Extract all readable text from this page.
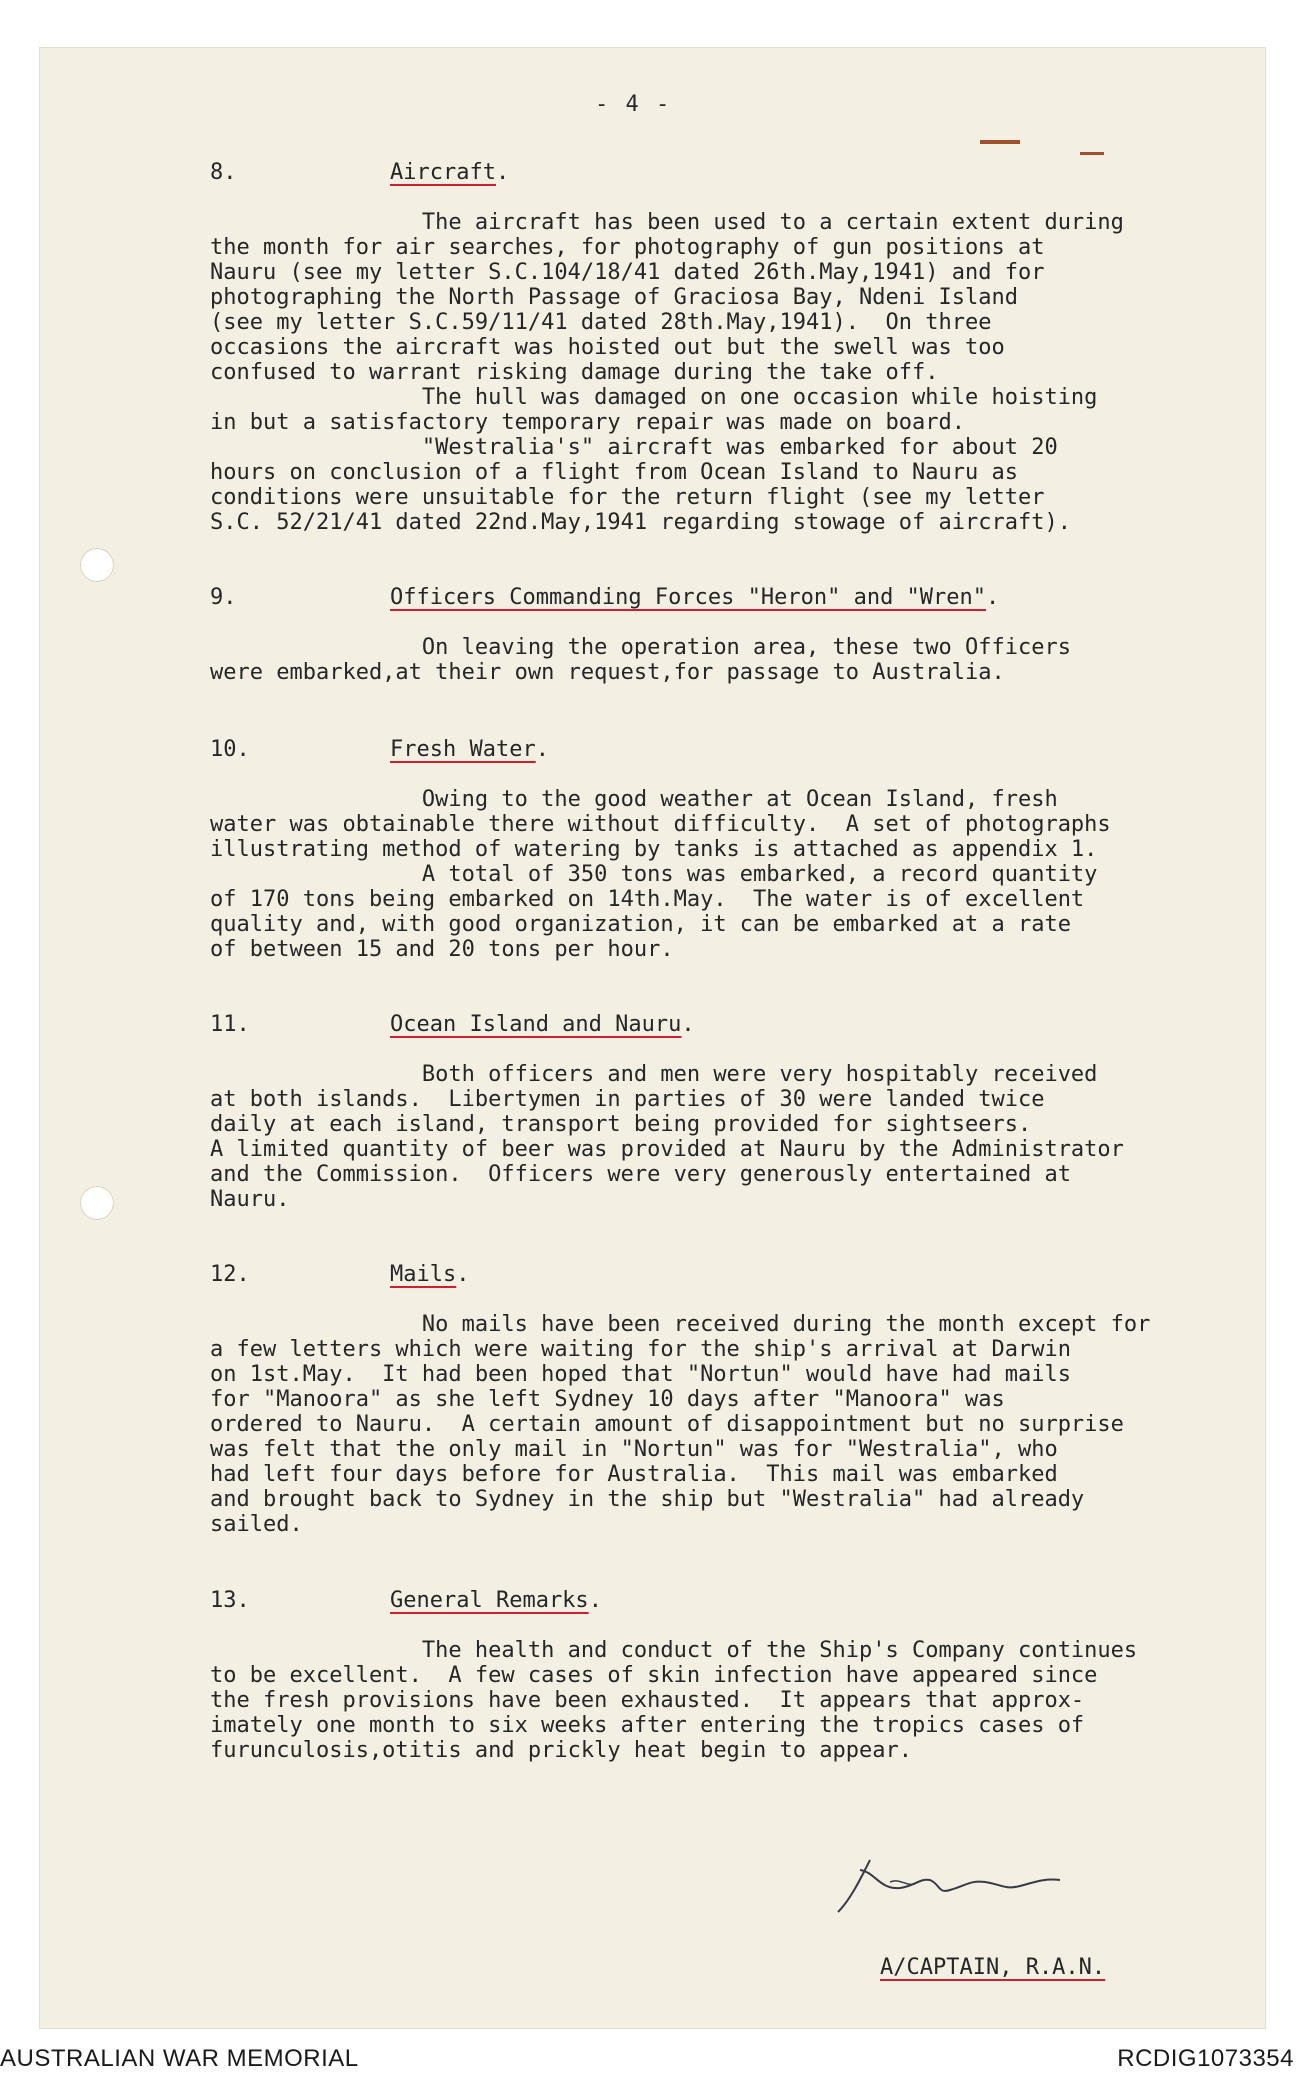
- 4 -
8.	Aircraft.
The aircraft has been used to a certain extent during
the month for air searches, for photography of gun positions at
Nauru (see my letter S.C.104/18/41 dated 26th.May,1941) and for
photographing the North Passage of Graciosa Bay, Ndeni Island
(see my letter S.C.59/11/41 dated 28th.May,1941).  On three
occasions the aircraft was hoisted out but the swell was too
confused to warrant risking damage during the take off.
The hull was damaged on one occasion while hoisting
in but a satisfactory temporary repair was made on board.
"Westralia's" aircraft was embarked for about 20
hours on conclusion of a flight from Ocean Island to Nauru as
conditions were unsuitable for the return flight (see my letter
S.C. 52/21/41 dated 22nd.May,1941 regarding stowage of aircraft).
9.	Officers Commanding Forces "Heron" and "Wren".
On leaving the operation area, these two Officers
were embarked,at their own request,for passage to Australia.
10.	Fresh Water.
Owing to the good weather at Ocean Island, fresh
water was obtainable there without difficulty.  A set of photographs
illustrating method of watering by tanks is attached as appendix 1.
A total of 350 tons was embarked, a record quantity
of 170 tons being embarked on 14th.May.  The water is of excellent
quality and, with good organization, it can be embarked at a rate
of between 15 and 20 tons per hour.
11.	Ocean Island and Nauru.
Both officers and men were very hospitably received
at both islands.  Libertymen in parties of 30 were landed twice
daily at each island, transport being provided for sightseers.
A limited quantity of beer was provided at Nauru by the Administrator
and the Commission.  Officers were very generously entertained at
Nauru.
12.	Mails.
No mails have been received during the month except for
a few letters which were waiting for the ship's arrival at Darwin
on 1st.May.  It had been hoped that "Nortun" would have had mails
for "Manoora" as she left Sydney 10 days after "Manoora" was
ordered to Nauru.  A certain amount of disappointment but no surprise
was felt that the only mail in "Nortun" was for "Westralia", who
had left four days before for Australia.  This mail was embarked
and brought back to Sydney in the ship but "Westralia" had already
sailed.
13.	General Remarks.
The health and conduct of the Ship's Company continues
to be excellent.  A few cases of skin infection have appeared since
the fresh provisions have been exhausted.  It appears that approx-
imately one month to six weeks after entering the tropics cases of
furunculosis,otitis and prickly heat begin to appear.
A/CAPTAIN, R.A.N.
AUSTRALIAN WAR MEMORIAL	RCDIG1073354
